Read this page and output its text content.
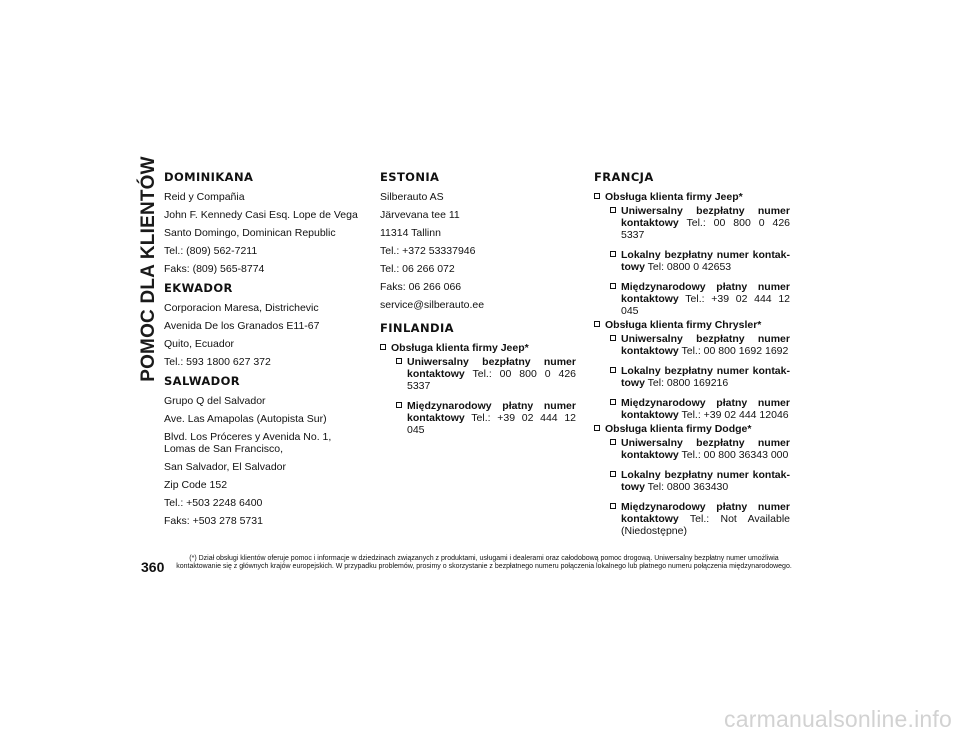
POMOC DLA KLIENTÓW DOMINIKANA
Reid y Compañia
John F. Kennedy Casi Esq. Lope de Vega
Santo Domingo, Dominican Republic
Tel.: (809) 562-7211
Faks: (809) 565-8774
EKWADOR
Corporacion Maresa, Districhevic
Avenida De los Granados E11-67
Quito, Ecuador
Tel.: 593 1800 627 372
SALWADOR
Grupo Q del Salvador
Ave. Las Amapolas (Autopista Sur)
Blvd. Los Próceres y Avenida No. 1, Lomas de San Francisco,
San Salvador, El Salvador
Zip Code 152
Tel.: +503 2248 6400
Faks: +503 278 5731
ESTONIA
Silberauto AS
Järvevana tee 11
11314 Tallinn
Tel.: +372 53337946
Tel.: 06 266 072
Faks: 06 266 066
service@silberauto.ee
FINLANDIA
Obsługa klienta firmy Jeep*
Uniwersalny bezpłatny numer kontaktowy Tel.: 00 800 0 426 5337
Międzynarodowy płatny numer kontaktowy Tel.: +39 02 444 12 045
FRANCJA
Obsługa klienta firmy Jeep*
Uniwersalny bezpłatny numer kontaktowy Tel.: 00 800 0 426 5337
Lokalny bezpłatny numer kontak-towy Tel: 0800 0 42653
Międzynarodowy płatny numer kontaktowy Tel.: +39 02 444 12 045
Obsługa klienta firmy Chrysler*
Uniwersalny bezpłatny numer kontaktowy Tel.: 00 800 1692 1692
Lokalny bezpłatny numer kontak-towy Tel: 0800 169216
Międzynarodowy płatny numer kontaktowy Tel.: +39 02 444 12046
Obsługa klienta firmy Dodge*
Uniwersalny bezpłatny numer kontaktowy Tel.: 00 800 36343 000
Lokalny bezpłatny numer kontak-towy Tel: 0800 363430
Międzynarodowy płatny numer kontaktowy Tel.: Not Available (Niedostępne)
360
(*) Dział obsługi klientów oferuje pomoc i informacje w dziedzinach związanych z produktami, usługami i dealerami oraz całodobową pomoc drogową. Uniwersalny bezpłatny numer umożliwia kontaktowanie się z głównych krajów europejskich. W przypadku problemów, prosimy o skorzystanie z bezpłatnego numeru połączenia lokalnego lub płatnego numeru połączenia międzynarodowego.
carmanualsonline.info
